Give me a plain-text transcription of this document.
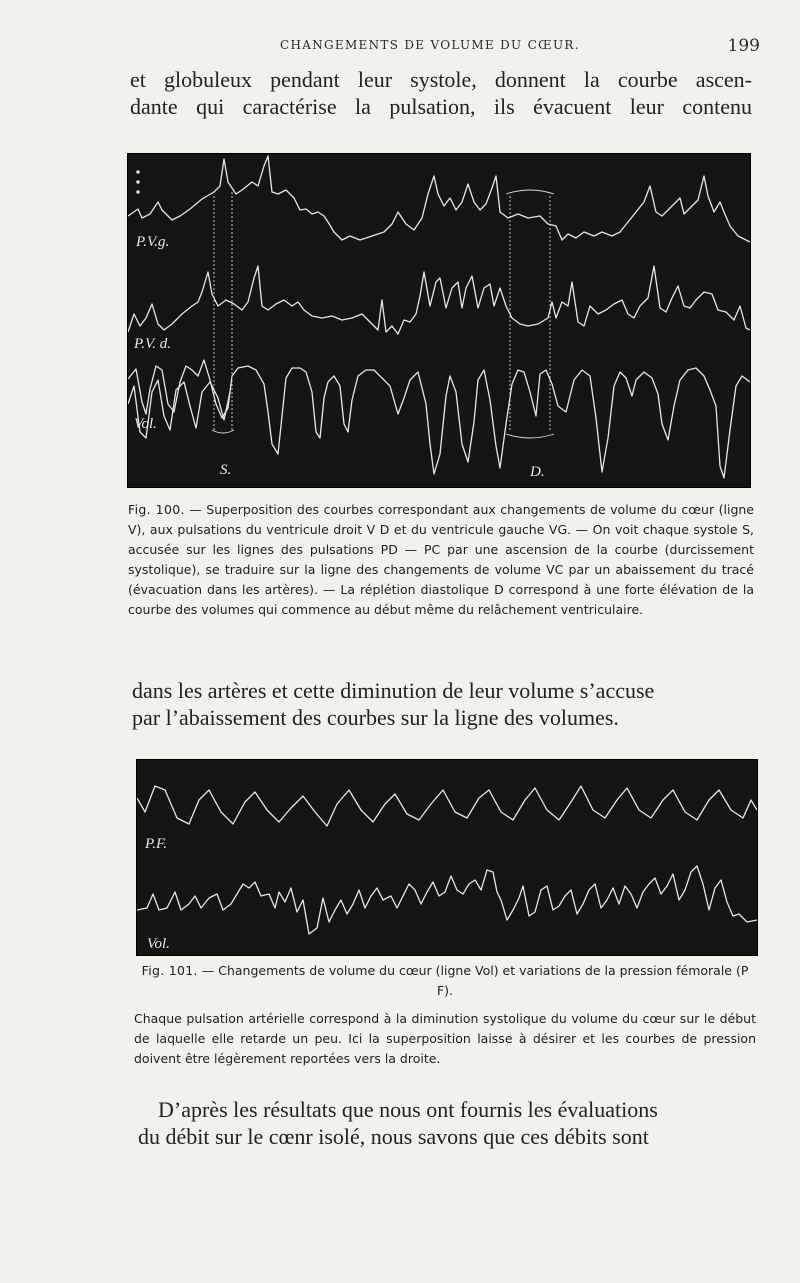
CHANGEMENTS DE VOLUME DU CŒUR.	199

et globuleux pendant leur systole, donnent la courbe ascen-
dante qui caractérise la pulsation, ils évacuent leur contenu

P.V.g.
P.V. d.
Vol.
S.	D.

Fig. 100. — Superposition des courbes correspondant aux changements de volume du cœur (ligne V), aux pulsations du ventricule droit V D et du ventricule gauche VG. — On voit chaque systole S, accusée sur les lignes des pulsations PD — PC par une ascension de la courbe (durcissement systolique), se traduire sur la ligne des changements de volume VC par un abaissement du tracé (évacuation dans les artères). — La réplétion diastolique D correspond à une forte élévation de la courbe des volumes qui commence au début même du relâchement ventriculaire.

dans les artères et cette diminution de leur volume s’accuse
par l’abaissement des courbes sur la ligne des volumes.

P.F.
Vol.

Fig. 101. — Changements de volume du cœur (ligne Vol) et variations de la pression fémorale (P F).

Chaque pulsation artérielle correspond à la diminution systolique du volume du cœur sur le début de laquelle elle retarde un peu. Ici la superposition laisse à désirer et les courbes de pression doivent être légèrement reportées vers la droite.

D’après les résultats que nous ont fournis les évaluations
du débit sur le cœnr isolé, nous savons que ces débits sont
